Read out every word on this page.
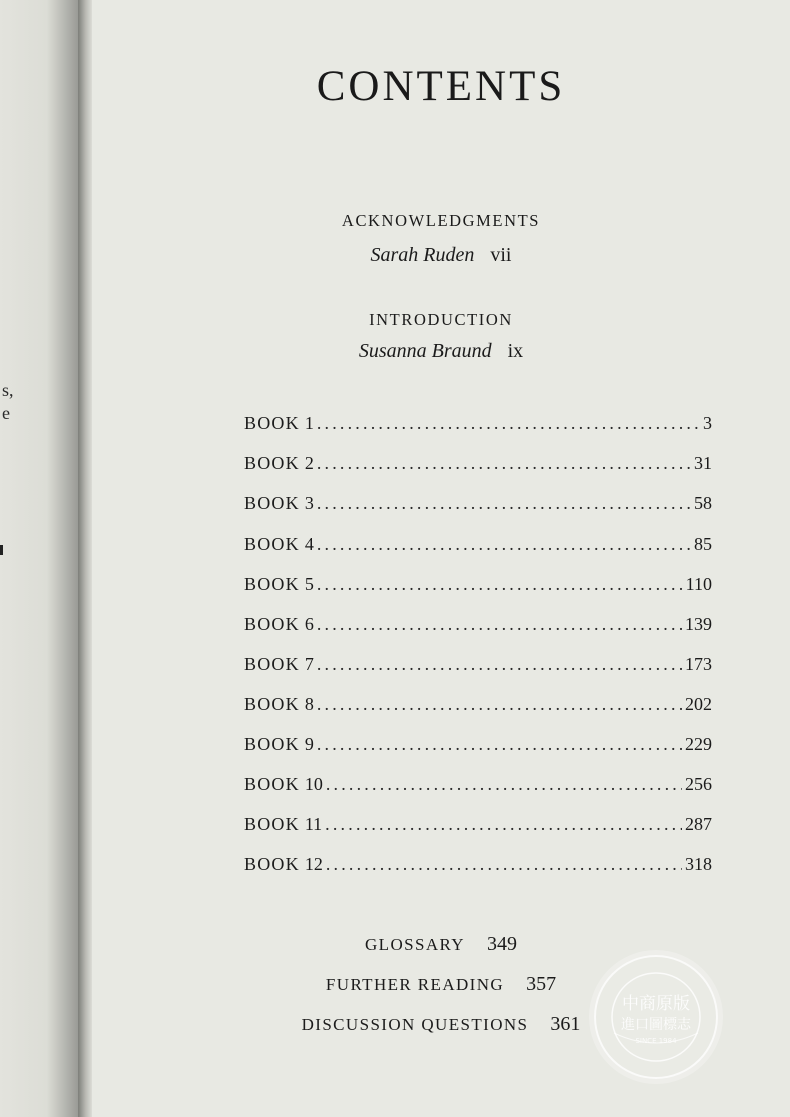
s,
e
CONTENTS
ACKNOWLEDGMENTS
Sarah Ruden vii
INTRODUCTION
Susanna Braund ix
BOOK 1 .....	3
BOOK 2 .....	31
BOOK 3 .....	58
BOOK 4 .....	85
BOOK 5 .....	110
BOOK 6 .....	139
BOOK 7 .....	173
BOOK 8 .....	202
BOOK 9 .....	229
BOOK 10 .....	256
BOOK 11 .....	287
BOOK 12 .....	318
GLOSSARY 349
FURTHER READING 357
DISCUSSION QUESTIONS 361
中商原版
進口圖標志
SINCE 1984
